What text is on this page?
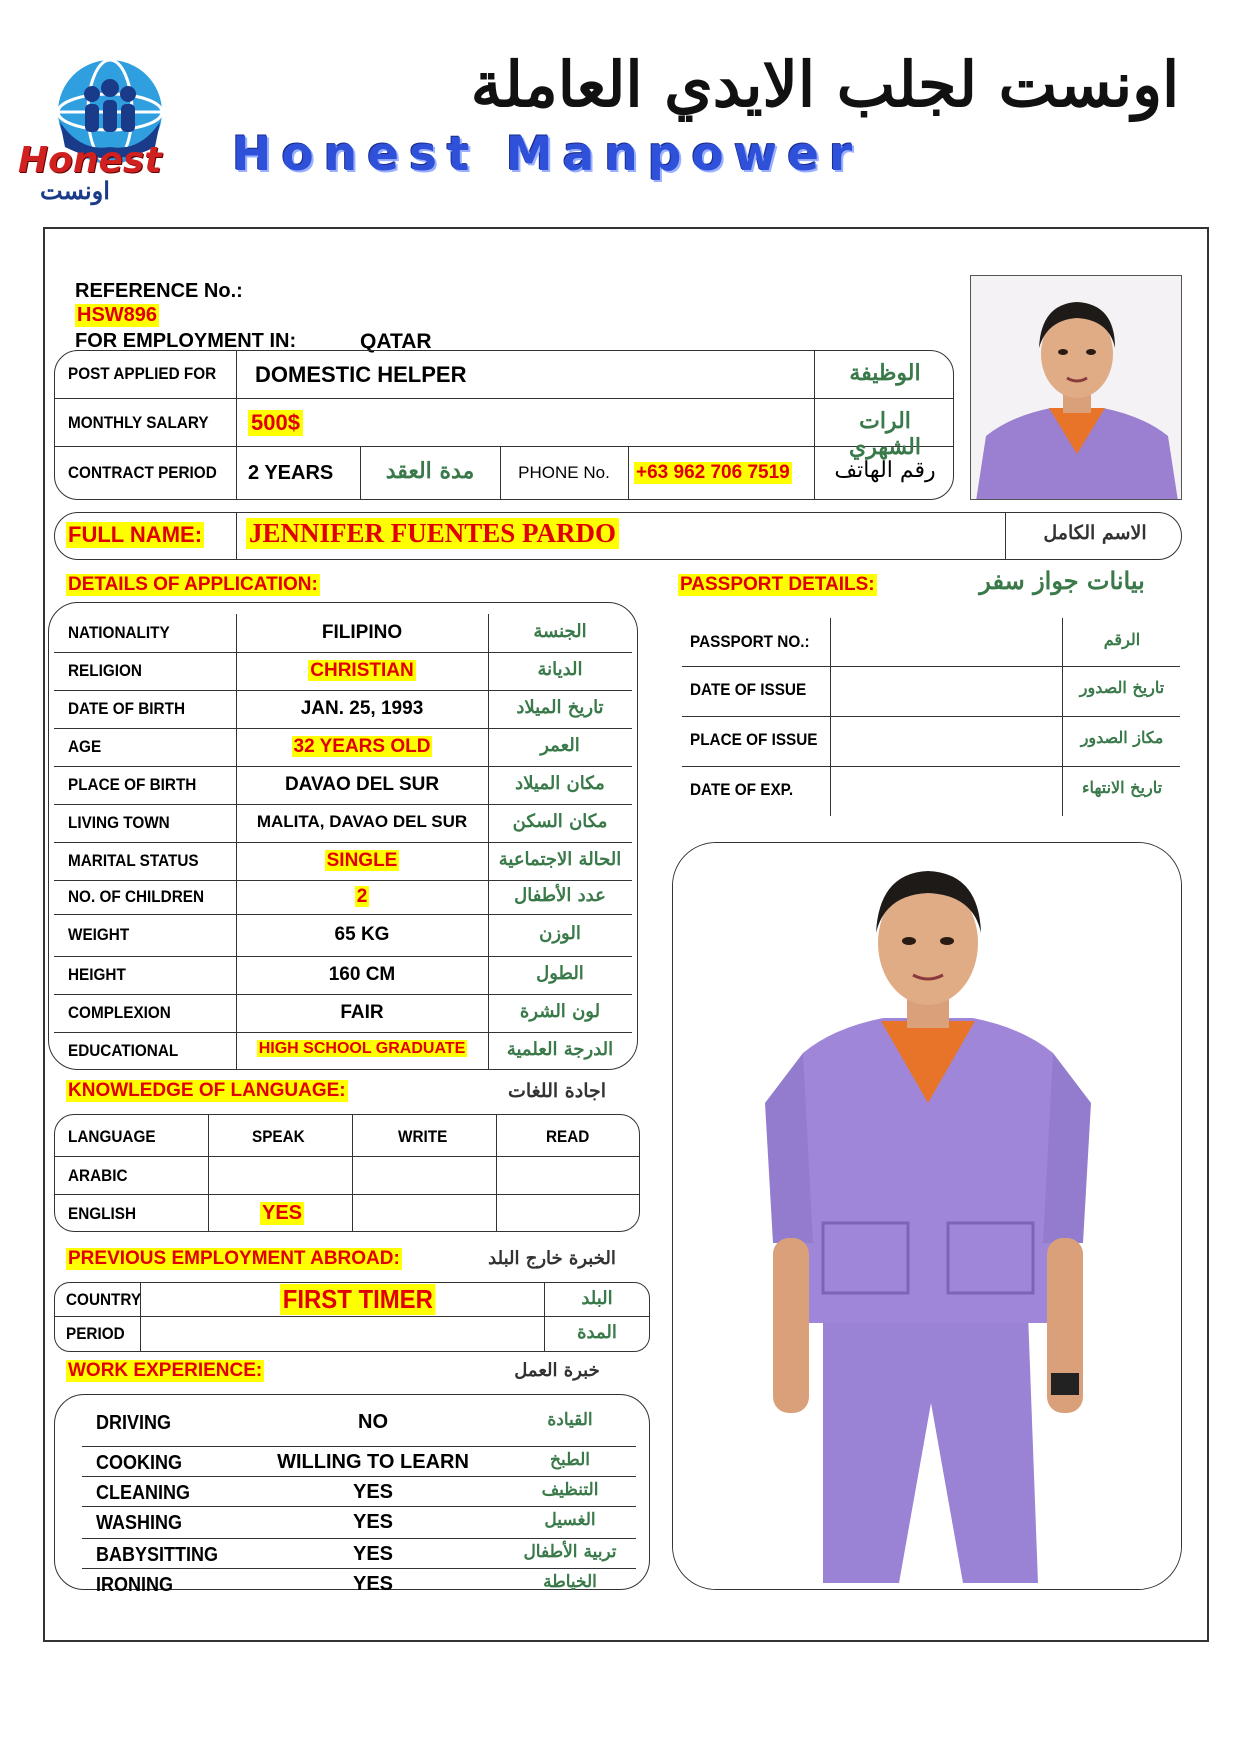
Honest
اونست
اونست لجلب الايدي العاملة
Honest Manpower
REFERENCE No.:
HSW896
FOR EMPLOYMENT IN:	QATAR
POST APPLIED FOR DOMESTIC HELPER	الوظيفة
MONTHLY SALARY 500$	الرات الشهري
CONTRACT PERIOD 2 YEARS	مدة العقد	PHONE No.	+63 962 706 7519	رقم الهاتف
FULL NAME: JENNIFER FUENTES PARDO	الاسم الكامل
DETAILS OF APPLICATION:	PASSPORT DETAILS:	بيانات جواز سفر
KNOWLEDGE OF LANGUAGE:	اجادة اللغات
LANGUAGE	SPEAK	WRITE	READ
ARABIC
ENGLISH	YES
PREVIOUS EMPLOYMENT ABROAD:	الخبرة خارج البلد
COUNTRY	FIRST TIMER	البلد
PERIOD	المدة
WORK EXPERIENCE:	خبرة العمل
NATIONALITY	FILIPINO	الجنسة
RELIGION	CHRISTIAN	الديانة
DATE OF BIRTH	JAN. 25, 1993	تاريخ الميلاد
AGE	32 YEARS OLD	العمر
PLACE OF BIRTH	DAVAO DEL SUR	مكان الميلاد
LIVING TOWN	MALITA, DAVAO DEL SUR	مكان السكن
MARITAL STATUS	SINGLE	الحالة الاجتماعية
NO. OF CHILDREN	2	عدد الأطفال
WEIGHT	65 KG	الوزن
HEIGHT	160 CM	الطول
COMPLEXION	FAIR	لون الشرة
EDUCATIONAL	HIGH SCHOOL GRADUATE	الدرجة العلمية
PASSPORT NO.:	الرقم
DATE OF ISSUE	تاريخ الصدور
PLACE OF ISSUE	مكاز الصدور
DATE OF EXP.	تاريخ الانتهاء
DRIVING	NO	القيادة
COOKING	WILLING TO LEARN	الطبخ
CLEANING	YES	التنظيف
WASHING	YES	الغسيل
BABYSITTING	YES	تربية الأطفال
IRONING	YES	الخياطة
